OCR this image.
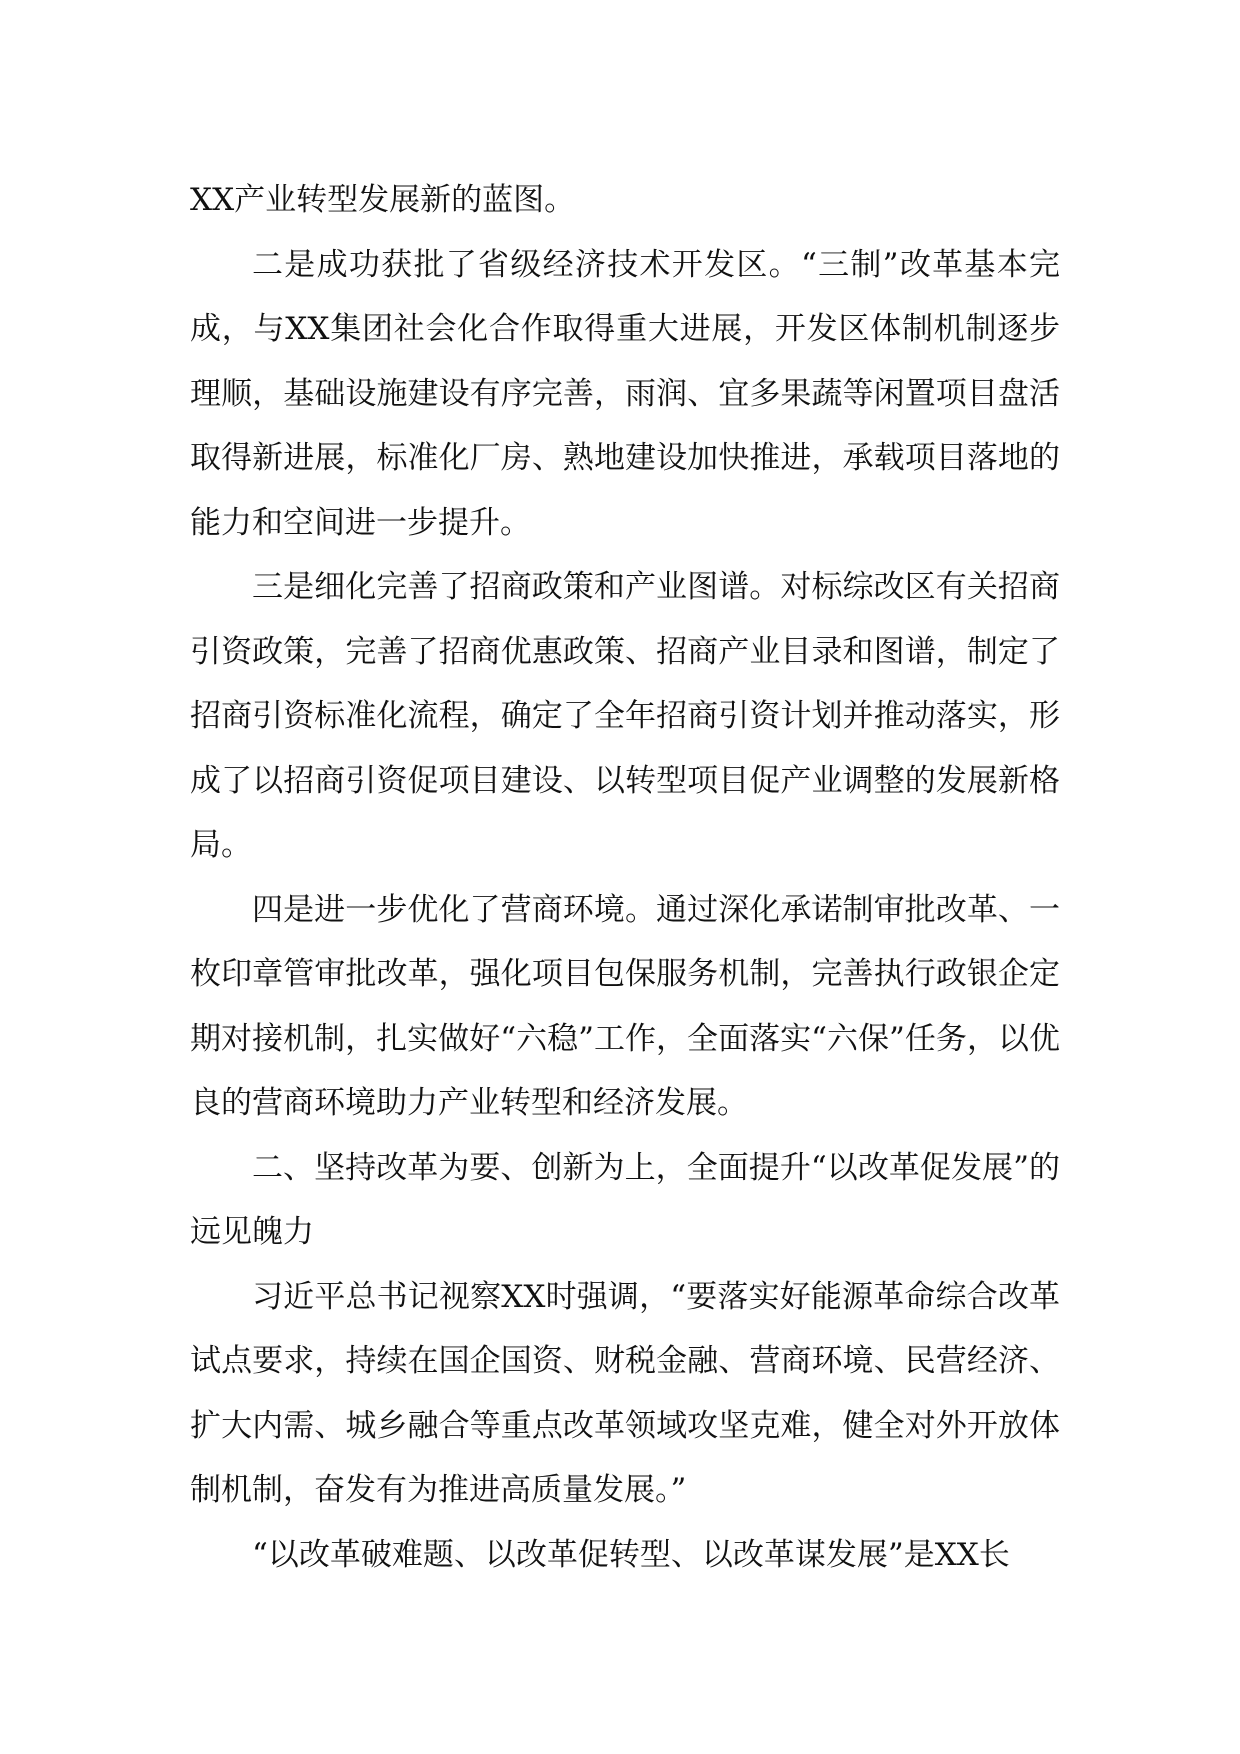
XX产业转型发展新的蓝图。

二是成功获批了省级经济技术开发区。“三制”改革基本完成，与XX集团社会化合作取得重大进展，开发区体制机制逐步理顺，基础设施建设有序完善，雨润、宜多果蔬等闲置项目盘活取得新进展，标准化厂房、熟地建设加快推进，承载项目落地的能力和空间进一步提升。

三是细化完善了招商政策和产业图谱。对标综改区有关招商引资政策，完善了招商优惠政策、招商产业目录和图谱，制定了招商引资标准化流程，确定了全年招商引资计划并推动落实，形成了以招商引资促项目建设、以转型项目促产业调整的发展新格局。

四是进一步优化了营商环境。通过深化承诺制审批改革、一枚印章管审批改革，强化项目包保服务机制，完善执行政银企定期对接机制，扎实做好“六稳”工作，全面落实“六保”任务，以优良的营商环境助力产业转型和经济发展。

二、坚持改革为要、创新为上，全面提升“以改革促发展”的远见魄力

习近平总书记视察XX时强调，“要落实好能源革命综合改革试点要求，持续在国企国资、财税金融、营商环境、民营经济、扩大内需、城乡融合等重点改革领域攻坚克难，健全对外开放体制机制，奋发有为推进高质量发展。”

“以改革破难题、以改革促转型、以改革谋发展”是XX长
